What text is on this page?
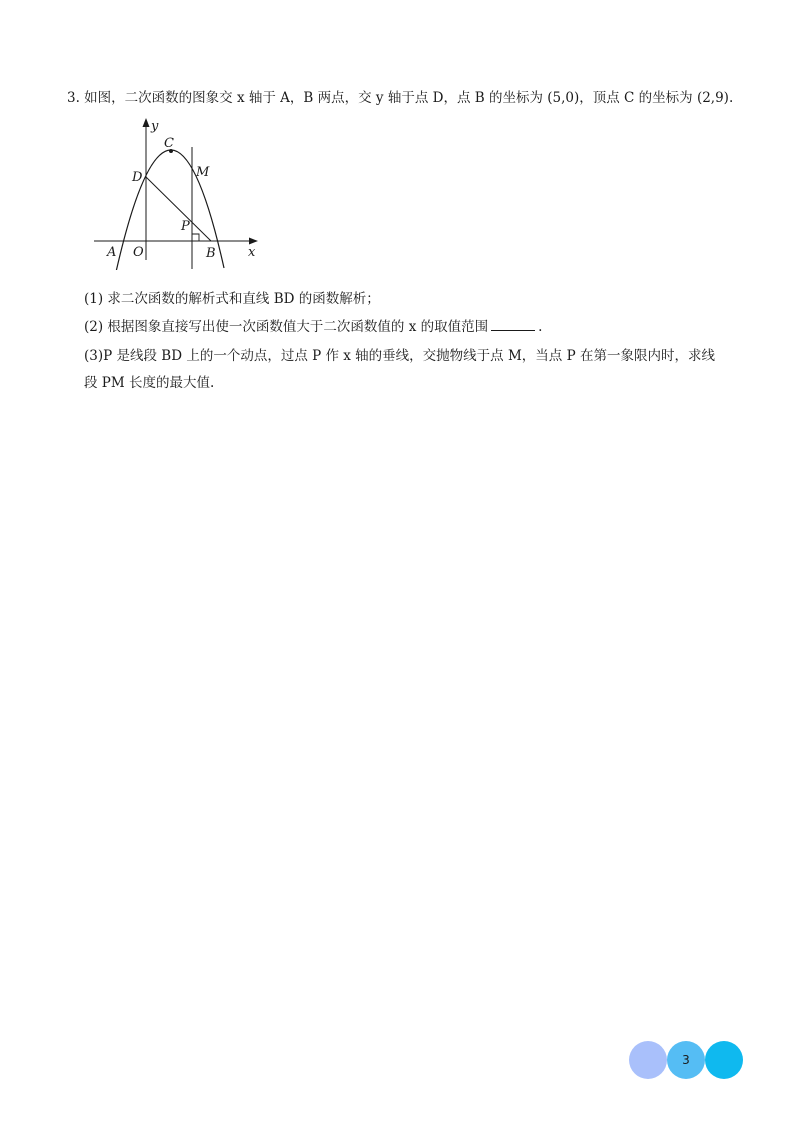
3. 如图，二次函数的图象交 x 轴于 A，B 两点，交 y 轴于点 D，点 B 的坐标为 (5,0)，顶点 C 的坐标为 (2,9).
y
x
C
D	M
P
A O	B
(1) 求二次函数的解析式和直线 BD 的函数解析；
(2) 根据图象直接写出使一次函数值大于二次函数值的 x 的取值范围	.
(3)P 是线段 BD 上的一个动点，过点 P 作 x 轴的垂线，交抛物线于点 M，当点 P 在第一象限内时，求线
段 PM 长度的最大值.
3
